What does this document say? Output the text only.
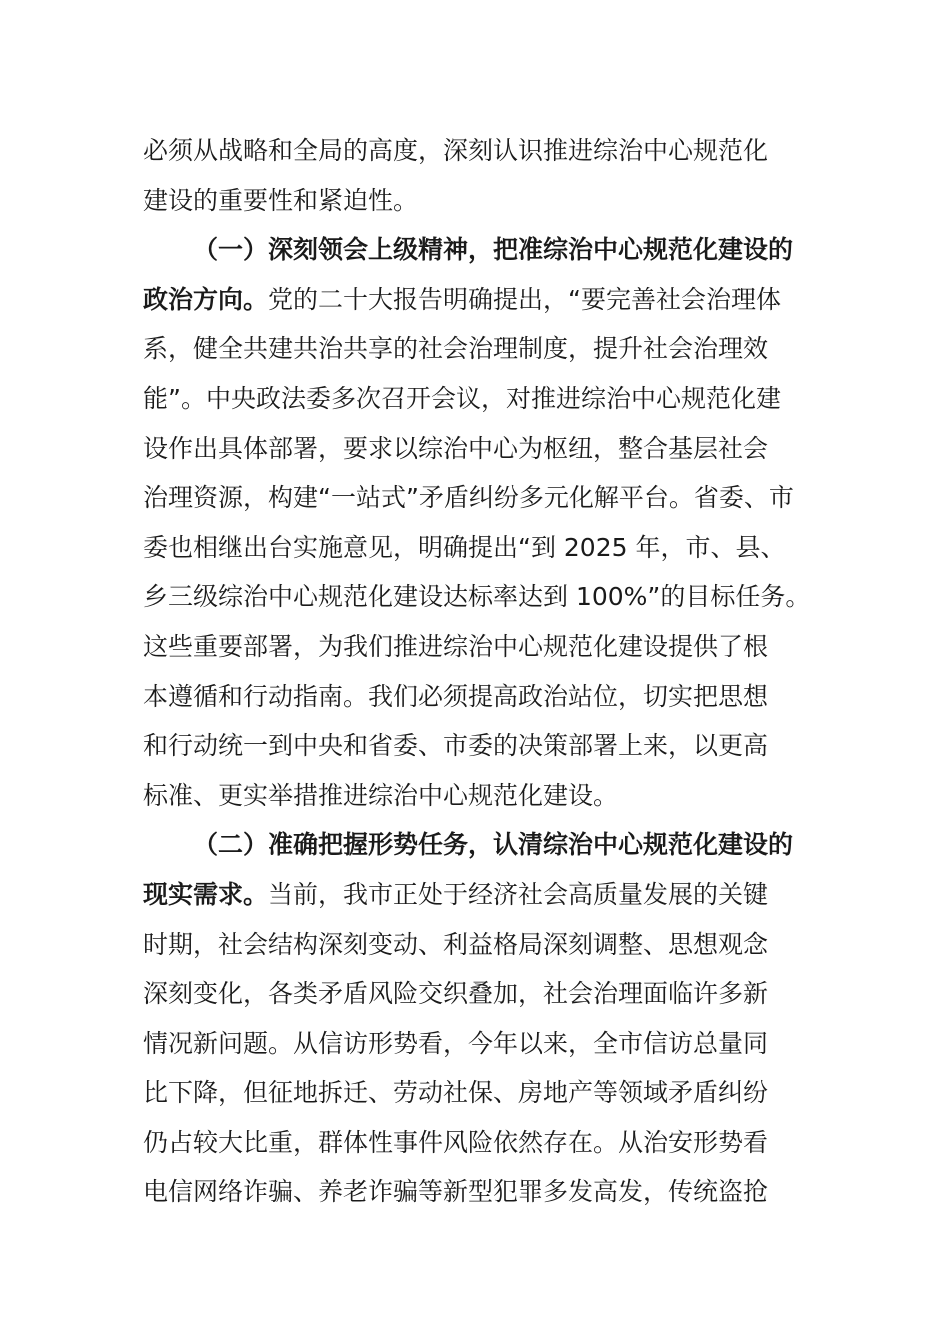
必须从战略和全局的高度，深刻认识推进综治中心规范化
建设的重要性和紧迫性。
（一）深刻领会上级精神，把准综治中心规范化建设的
政治方向。党的二十大报告明确提出，“要完善社会治理体
系，健全共建共治共享的社会治理制度，提升社会治理效
能”。中央政法委多次召开会议，对推进综治中心规范化建
设作出具体部署，要求以综治中心为枢纽，整合基层社会
治理资源，构建“一站式”矛盾纠纷多元化解平台。省委、市
委也相继出台实施意见，明确提出“到 2025 年，市、县、
乡三级综治中心规范化建设达标率达到 100%”的目标任务。
这些重要部署，为我们推进综治中心规范化建设提供了根
本遵循和行动指南。我们必须提高政治站位，切实把思想
和行动统一到中央和省委、市委的决策部署上来，以更高
标准、更实举措推进综治中心规范化建设。
（二）准确把握形势任务，认清综治中心规范化建设的
现实需求。当前，我市正处于经济社会高质量发展的关键
时期，社会结构深刻变动、利益格局深刻调整、思想观念
深刻变化，各类矛盾风险交织叠加，社会治理面临许多新
情况新问题。从信访形势看，今年以来，全市信访总量同
比下降，但征地拆迁、劳动社保、房地产等领域矛盾纠纷
仍占较大比重，群体性事件风险依然存在。从治安形势看
电信网络诈骗、养老诈骗等新型犯罪多发高发，传统盗抢
